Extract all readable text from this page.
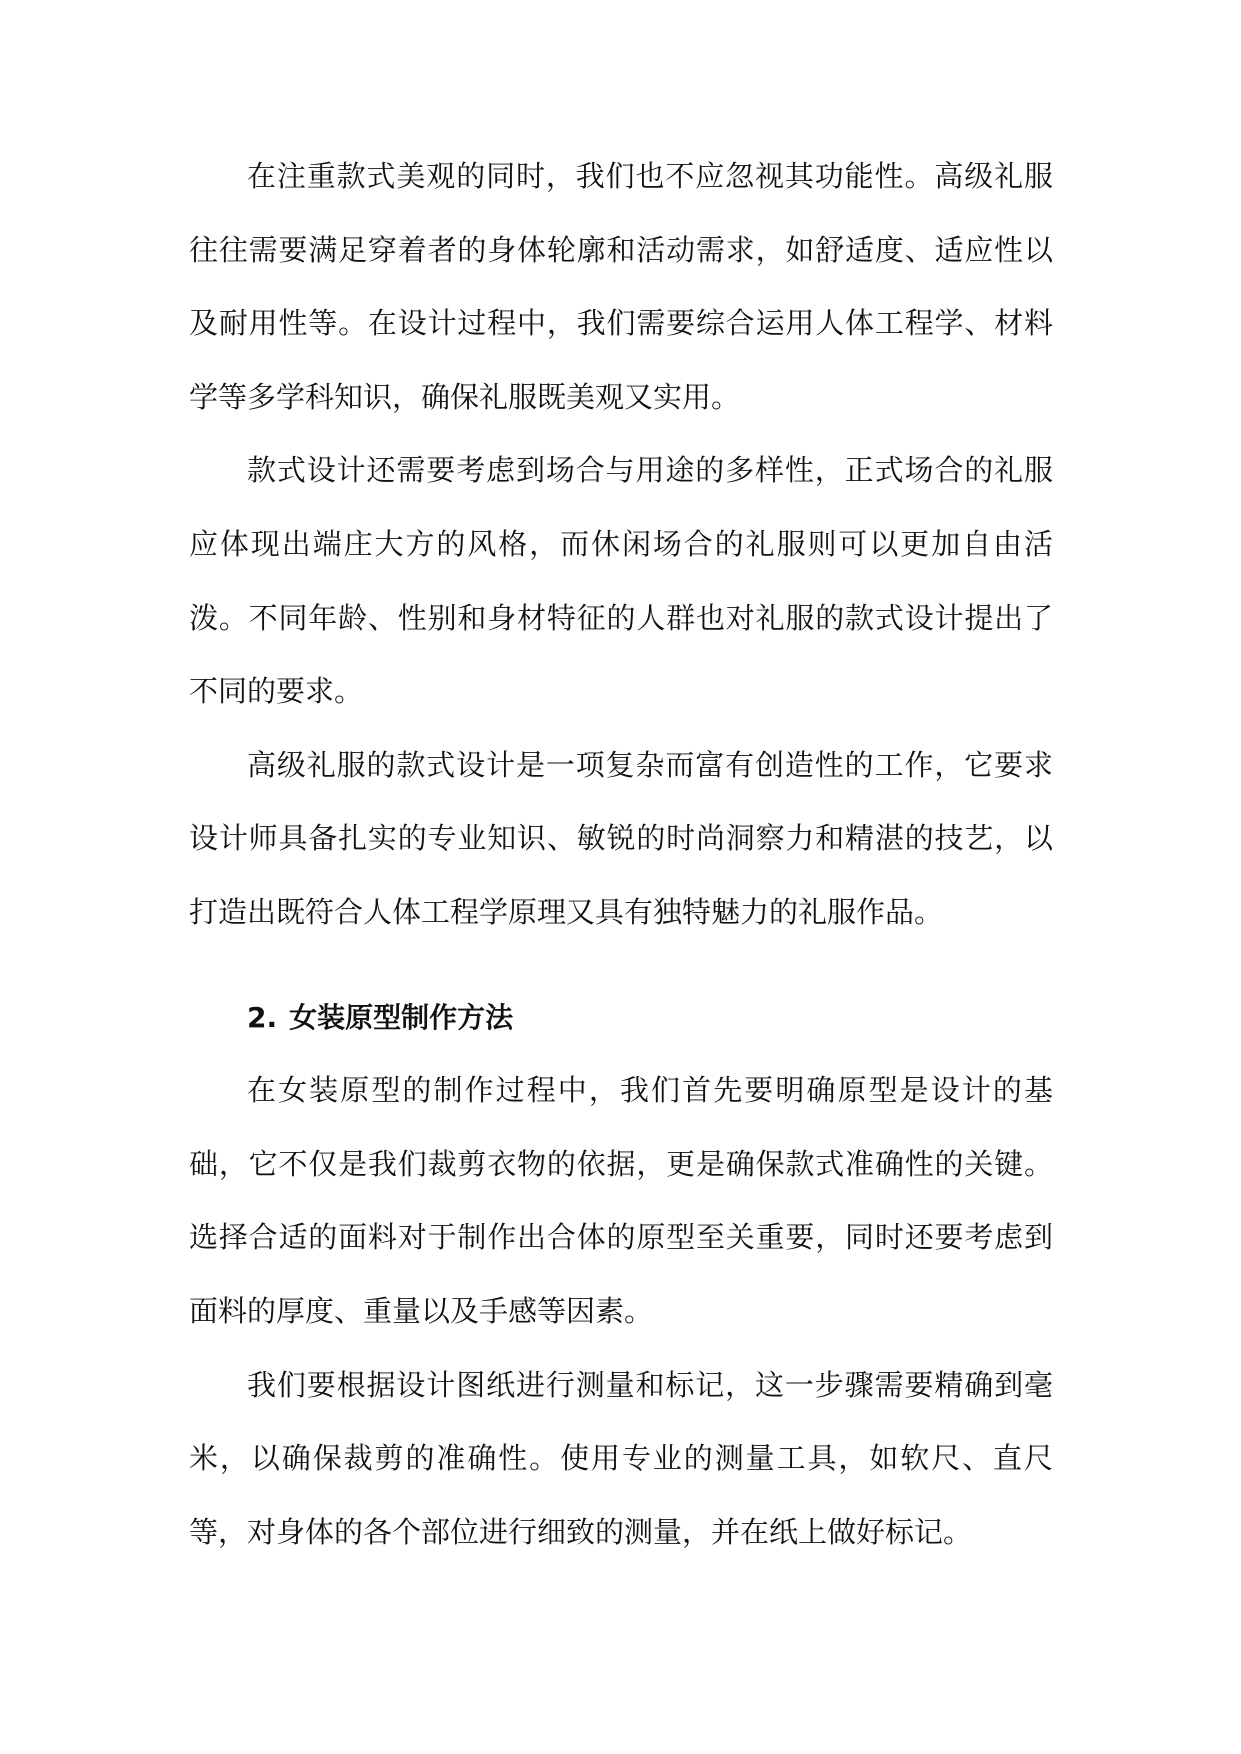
在注重款式美观的同时，我们也不应忽视其功能性。高级礼服往往需要满足穿着者的身体轮廓和活动需求，如舒适度、适应性以及耐用性等。在设计过程中，我们需要综合运用人体工程学、材料学等多学科知识，确保礼服既美观又实用。

款式设计还需要考虑到场合与用途的多样性，正式场合的礼服应体现出端庄大方的风格，而休闲场合的礼服则可以更加自由活泼。不同年龄、性别和身材特征的人群也对礼服的款式设计提出了不同的要求。

高级礼服的款式设计是一项复杂而富有创造性的工作，它要求设计师具备扎实的专业知识、敏锐的时尚洞察力和精湛的技艺，以打造出既符合人体工程学原理又具有独特魅力的礼服作品。

2. 女装原型制作方法

在女装原型的制作过程中，我们首先要明确原型是设计的基础，它不仅是我们裁剪衣物的依据，更是确保款式准确性的关键。选择合适的面料对于制作出合体的原型至关重要，同时还要考虑到面料的厚度、重量以及手感等因素。

我们要根据设计图纸进行测量和标记，这一步骤需要精确到毫米，以确保裁剪的准确性。使用专业的测量工具，如软尺、直尺等，对身体的各个部位进行细致的测量，并在纸上做好标记。
